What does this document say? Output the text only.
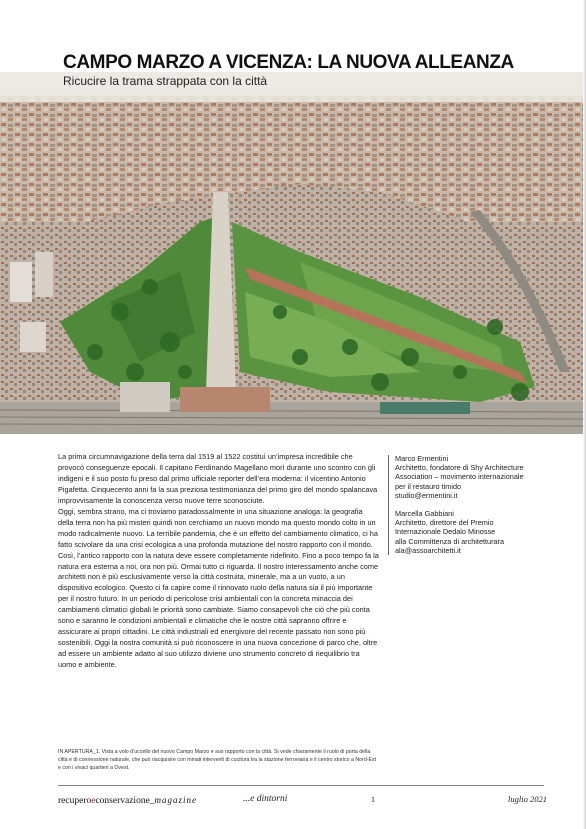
CAMPO MARZO A VICENZA: LA NUOVA ALLEANZA
Ricucire la trama strappata con la città

La prima circumnavigazione della terra dal 1519 al 1522 costituì un’impresa incredibile che provocò conseguenze epocali. Il capitano Ferdinando Magellano morì durante uno scontro con gli indigeni e il suo posto fu preso dal primo ufficiale reporter dell’era moderna: il vicentino Antonio Pigafetta. Cinquecento anni fa la sua preziosa testimonianza del primo giro del mondo spalancava improvvisamente la conoscenza verso nuove terre sconosciute.

Oggi, sembra strano, ma ci troviamo paradossalmente in una situazione analoga: la geografia della terra non ha più misteri quindi non cerchiamo un nuovo mondo ma questo mondo colto in un modo radicalmente nuovo. La terribile pandemia, che è un effetto del cambiamento climatico, ci ha fatto scivolare da una crisi ecologica a una profonda mutazione del nostro rapporto con il mondo. Così, l’antico rapporto con la natura deve essere completamente ridefinito. Fino a poco tempo fa la natura era esterna a noi, ora non più. Ormai tutto ci riguarda. Il nostro interessamento anche come architetti non è più esclusivamente verso la città costruita, minerale, ma a un vuoto, a un dispositivo ecologico. Questo ci fa capire come il rinnovato ruolo della natura sia il più importante per il nostro futuro. In un periodo di pericolose crisi ambientali con la concreta minaccia dei cambiamenti climatici globali le priorità sono cambiate. Siamo consapevoli che ciò che più conta sono e saranno le condizioni ambientali e climatiche che le nostre città sapranno offrire e assicurare ai propri cittadini. Le città industriali ed energivore del recente passato non sono più sostenibili. Oggi la nostra comunità si può riconoscere in una nuova concezione di parco che, oltre ad essere un ambiente adatto al suo utilizzo diviene uno strumento concreto di riequilibrio tra uomo e ambiente.

Marco Ermentini
Architetto, fondatore di Shy Architecture
Association – movimento internazionale
per il restauro timido
studio@ermentini.it
Marcella Gabbiani
Architetto, direttore del Premio
Internazionale Dedalo Minosse
alla Committenza di architetturara
ala@assoarchitetti.it
IN APERTURA_1. Vista a volo d’uccello del nuovo Campo Marzo e suo rapporto con la città. Si vede chiaramente il ruolo di porta della città e di connessione naturale, che può riacquisire con minati interventi di cucitura tra la stazione ferroviaria e il centro storico a Nord-Est e con i vivaci quartieri a Ovest.
recuperoeconservazione_magazine	...e dintorni	1	luglio 2021
